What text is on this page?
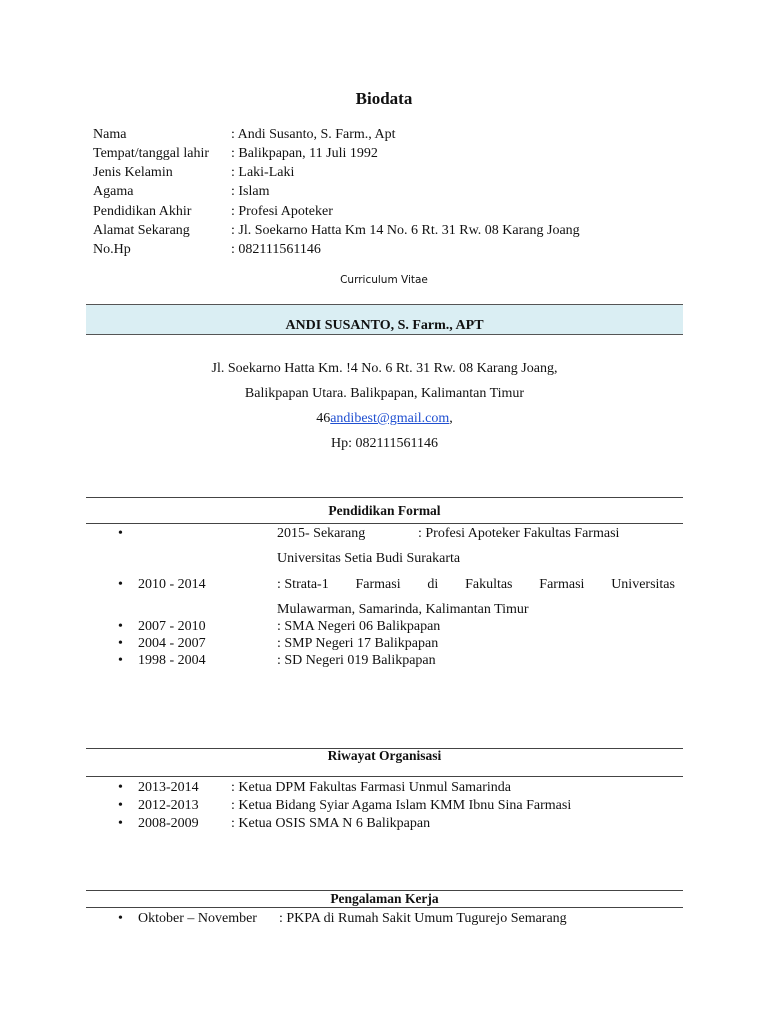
Biodata
Nama	: Andi Susanto, S. Farm., Apt
Tempat/tanggal lahir : Balikpapan, 11 Juli 1992
Jenis Kelamin	: Laki-Laki
Agama	: Islam
Pendidikan Akhir	: Profesi Apoteker
Alamat Sekarang	: Jl. Soekarno Hatta Km 14 No. 6 Rt. 31 Rw. 08 Karang Joang
No.Hp	: 082111561146
Curriculum Vitae
ANDI SUSANTO, S. Farm., APT
Jl. Soekarno Hatta Km. !4 No. 6 Rt. 31 Rw. 08 Karang Joang,
Balikpapan Utara. Balikpapan, Kalimantan Timur
46andibest@gmail.com,
Hp: 082111561146
Pendidikan Formal
•	2015- Sekarang	: Profesi Apoteker Fakultas Farmasi
Universitas Setia Budi Surakarta
• 2010 - 2014	: Strata-1 Farmasi di Fakultas Farmasi Universitas
Mulawarman, Samarinda, Kalimantan Timur
• 2007 - 2010	: SMA Negeri 06 Balikpapan
• 2004 - 2007	: SMP Negeri 17 Balikpapan
• 1998 - 2004	: SD Negeri 019 Balikpapan
Riwayat Organisasi
• 2013-2014 : Ketua DPM Fakultas Farmasi Unmul Samarinda
• 2012-2013 : Ketua Bidang Syiar Agama Islam KMM Ibnu Sina Farmasi
• 2008-2009 : Ketua OSIS SMA N 6 Balikpapan
Pengalaman Kerja
• Oktober – November : PKPA di Rumah Sakit Umum Tugurejo Semarang
